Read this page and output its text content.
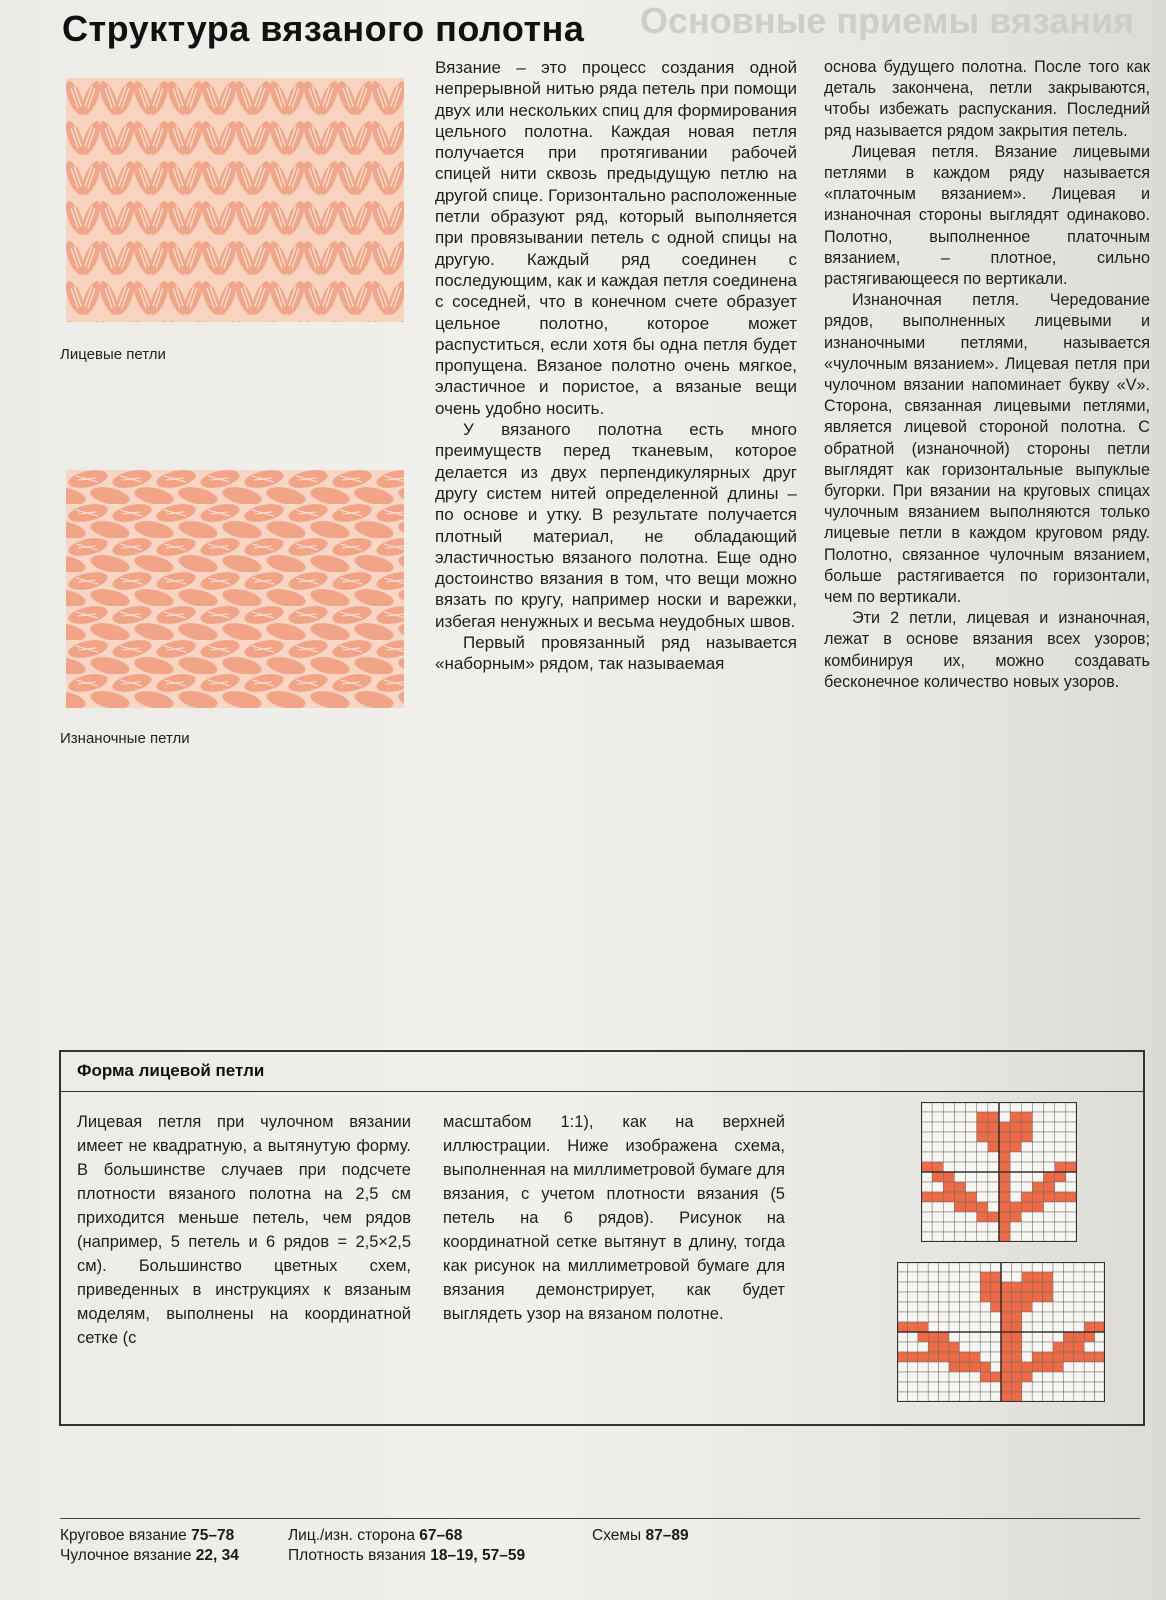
Основные приемы вязания
Структура вязаного полотна
Лицевые петли
Изнаночные петли

Вязание – это процесс создания одной непрерывной нитью ряда петель при помощи двух или нескольких спиц для формирования цельного полотна. Каждая новая петля получается при протягивании рабочей спицей нити сквозь предыдущую петлю на другой спице. Горизонтально расположенные петли образуют ряд, который выполняется при провязывании петель с одной спицы на другую. Каждый ряд соединен с последующим, как и каждая петля соединена с соседней, что в конечном счете образует цельное полотно, которое может распуститься, если хотя бы одна петля будет пропущена. Вязаное полотно очень мягкое, эластичное и пористое, а вязаные вещи очень удобно носить.

У вязаного полотна есть много преимуществ перед тканевым, которое делается из двух перпендикулярных друг другу систем нитей определенной длины – по основе и утку. В результате получается плотный материал, не обладающий эластичностью вязаного полотна. Еще одно достоинство вязания в том, что вещи можно вязать по кругу, например носки и варежки, избегая ненужных и весьма неудобных швов.

Первый провязанный ряд называется «наборным» рядом, так называемая

основа будущего полотна. После того как деталь закончена, петли закрываются, чтобы избежать распускания. Последний ряд называется рядом закрытия петель.

Лицевая петля. Вязание лицевыми петлями в каждом ряду называется «платочным вязанием». Лицевая и изнаночная стороны выглядят одинаково. Полотно, выполненное платочным вязанием, – плотное, сильно растягивающееся по вертикали.

Изнаночная петля. Чередование рядов, выполненных лицевыми и изнаночными петлями, называется «чулочным вязанием». Лицевая петля при чулочном вязании напоминает букву «V». Сторона, связанная лицевыми петлями, является лицевой стороной полотна. С обратной (изнаночной) стороны петли выглядят как горизонтальные выпуклые бугорки. При вязании на круговых спицах чулочным вязанием выполняются только лицевые петли в каждом круговом ряду. Полотно, связанное чулочным вязанием, больше растягивается по горизонтали, чем по вертикали.

Эти 2 петли, лицевая и изнаночная, лежат в основе вязания всех узоров; комбинируя их, можно создавать бесконечное количество новых узоров.

Форма лицевой петли

Лицевая петля при чулочном вязании имеет не квадратную, а вытянутую форму. В большинстве случаев при подсчете плотности вязаного полотна на 2,5 см приходится меньше петель, чем рядов (например, 5 петель и 6 рядов = 2,5×2,5 см). Большинство цветных схем, приведенных в инструкциях к вязаным моделям, выполнены на координатной сетке (с

масштабом 1:1), как на верхней иллюстрации. Ниже изображена схема, выполненная на миллиметровой бумаге для вязания, с учетом плотности вязания (5 петель на 6 рядов). Рисунок на координатной сетке вытянут в длину, тогда как рисунок на миллиметровой бумаге для вязания демонстрирует, как будет выглядеть узор на вязаном полотне.

Круговое вязание 75–78
Чулочное вязание 22, 34
Лиц./изн. сторона 67–68
Плотность вязания 18–19, 57–59
Схемы 87–89
